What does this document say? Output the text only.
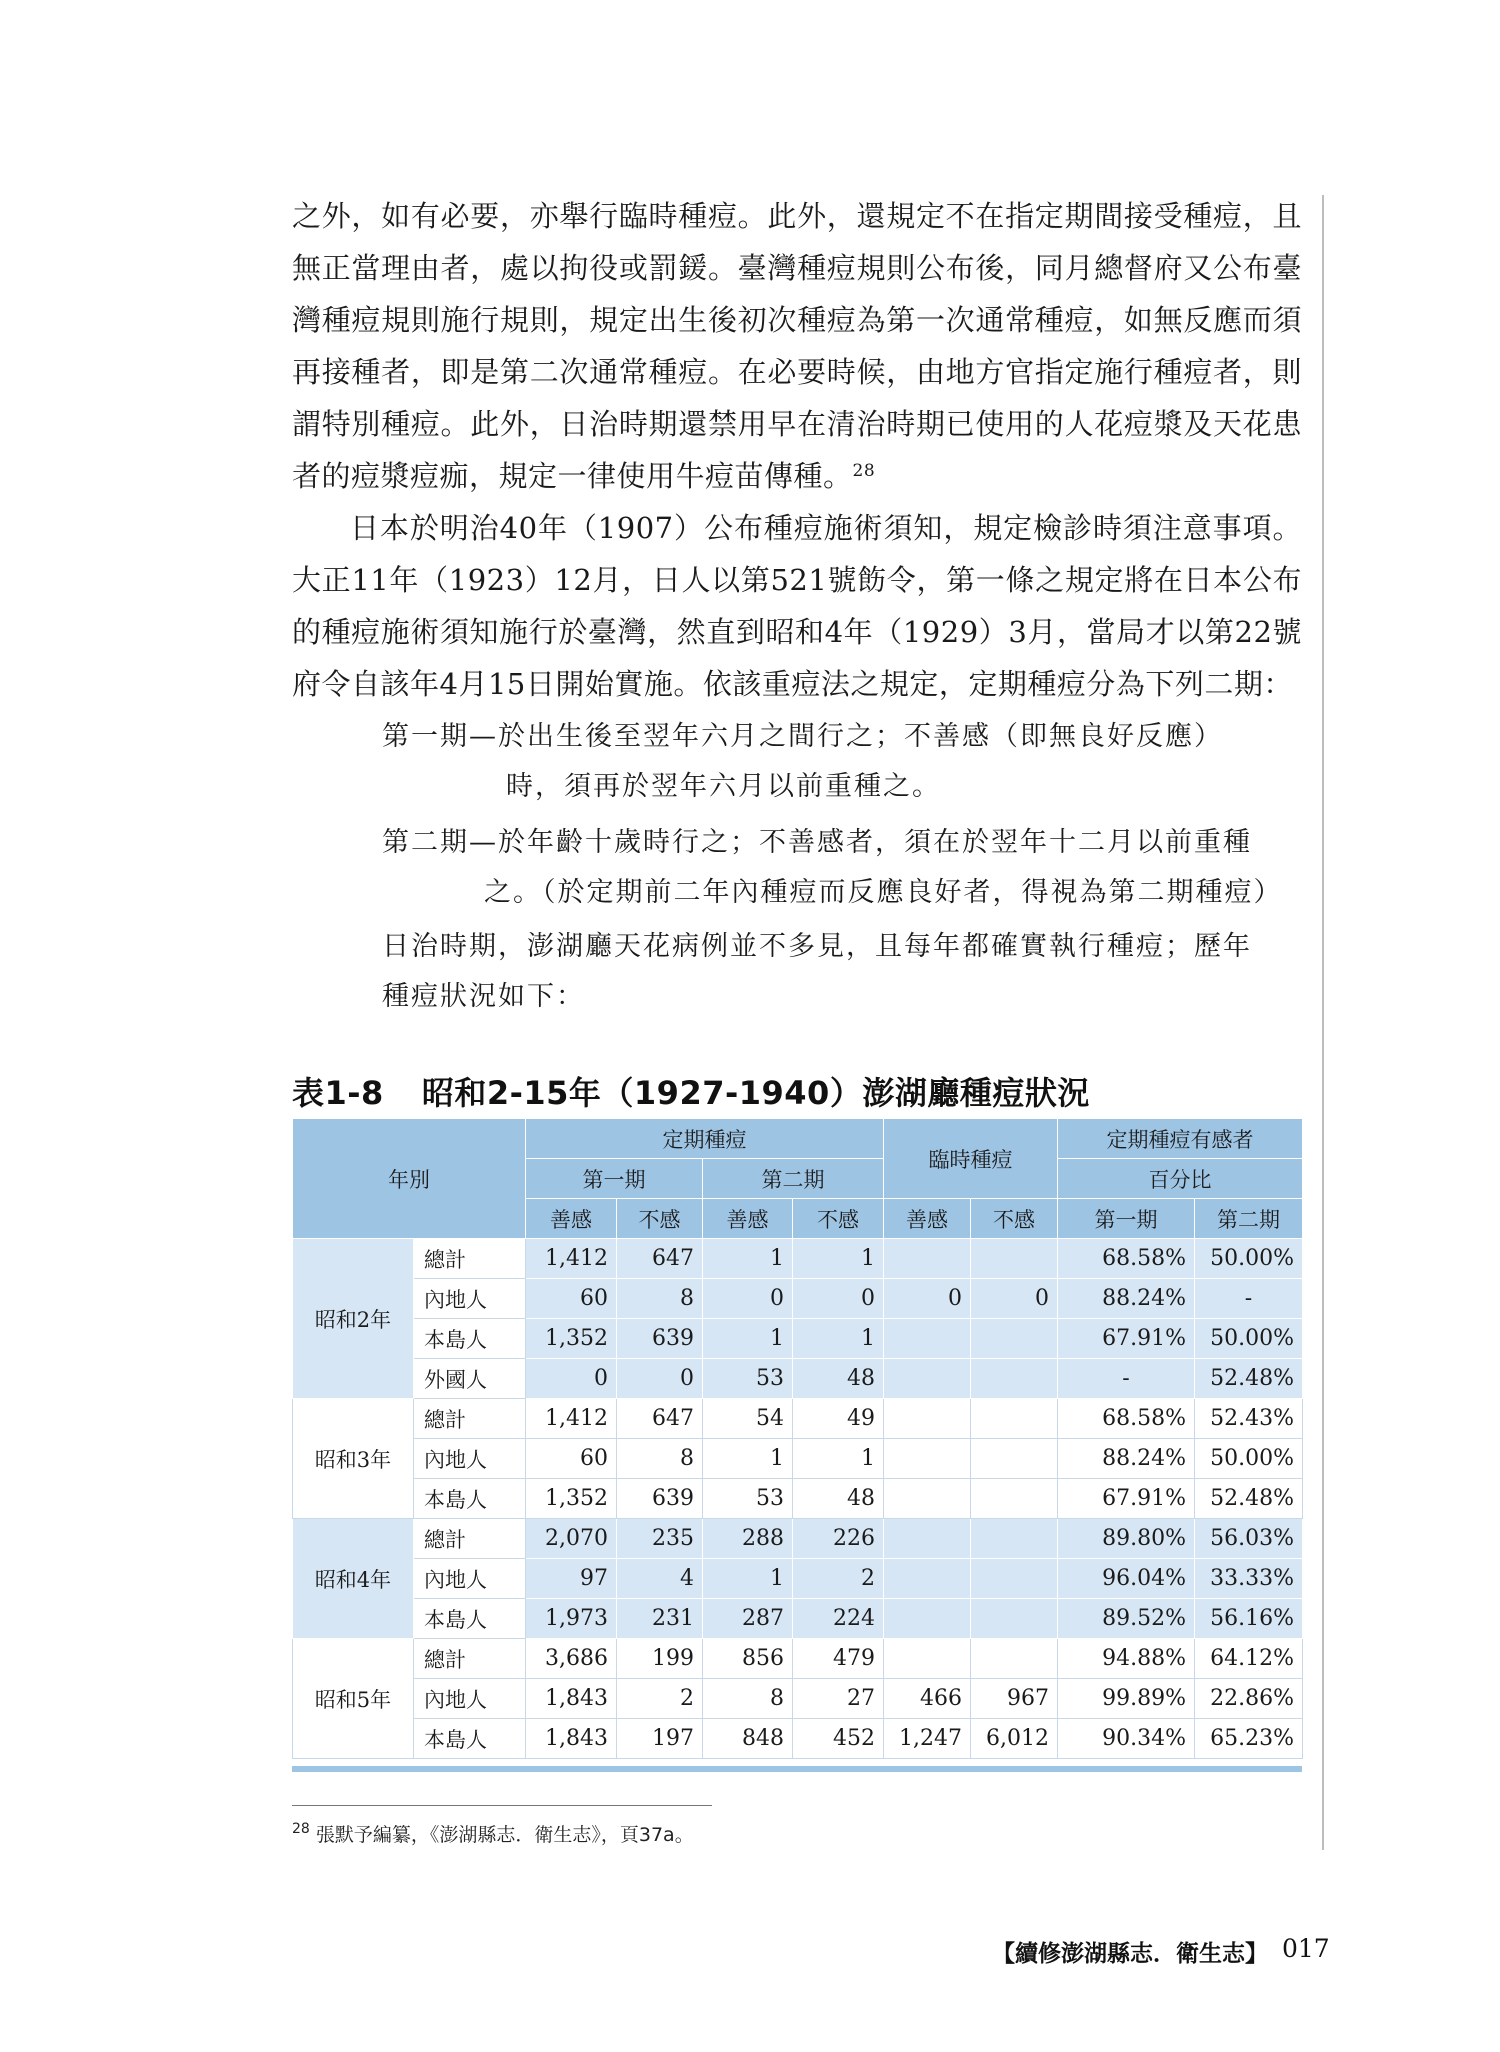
之外，如有必要，亦舉行臨時種痘。此外，還規定不在指定期間接受種痘，且無正當理由者，處以拘役或罰鍰。臺灣種痘規則公布後，同月總督府又公布臺灣種痘規則施行規則，規定出生後初次種痘為第一次通常種痘，如無反應而須再接種者，即是第二次通常種痘。在必要時候，由地方官指定施行種痘者，則謂特別種痘。此外，日治時期還禁用早在清治時期已使用的人花痘漿及天花患者的痘漿痘痂，規定一律使用牛痘苗傳種。$^{28}$

日本於明治40年（1907）公布種痘施術須知，規定檢診時須注意事項。大正11年（1923）12月，日人以第521號飭令，第一條之規定將在日本公布的種痘施術須知施行於臺灣，然直到昭和4年（1929）3月，當局才以第22號府令自該年4月15日開始實施。依該重痘法之規定，定期種痘分為下列二期：

第一期—於出生後至翌年六月之間行之；不善感（即無良好反應）
時，須再於翌年六月以前重種之。
第二期—於年齡十歲時行之；不善感者，須在於翌年十二月以前重種
之。（於定期前二年內種痘而反應良好者，得視為第二期種痘）
日治時期，澎湖廳天花病例並不多見，且每年都確實執行種痘；歷年種痘狀況如下：
表1-8 昭和2-15年（1927-1940）澎湖廳種痘狀況
年別		定期種痘				臨時種痘		定期種痘有感者	
		第一期		第二期				百分比	
		善感	不感	善感	不感	善感	不感	第一期	第二期
昭和2年	總計	1,412	647	1	1			68.58%	50.00%
	內地人	60	8	0	0	0	0	88.24%	-
	本島人	1,352	639	1	1			67.91%	50.00%
	外國人	0	0	53	48			-	52.48%
昭和3年	總計	1,412	647	54	49			68.58%	52.43%
	內地人	60	8	1	1			88.24%	50.00%
	本島人	1,352	639	53	48			67.91%	52.48%
昭和4年	總計	2,070	235	288	226			89.80%	56.03%
	內地人	97	4	1	2			96.04%	33.33%
	本島人	1,973	231	287	224			89.52%	56.16%
昭和5年	總計	3,686	199	856	479			94.88%	64.12%
	內地人	1,843	2	8	27	466	967	99.89%	22.86%
	本島人	1,843	197	848	452	1,247	6,012	90.34%	65.23%
$^{28}$ 張默予編纂，《澎湖縣志．衛生志》，頁37a。
【續修澎湖縣志．衛生志】 017
